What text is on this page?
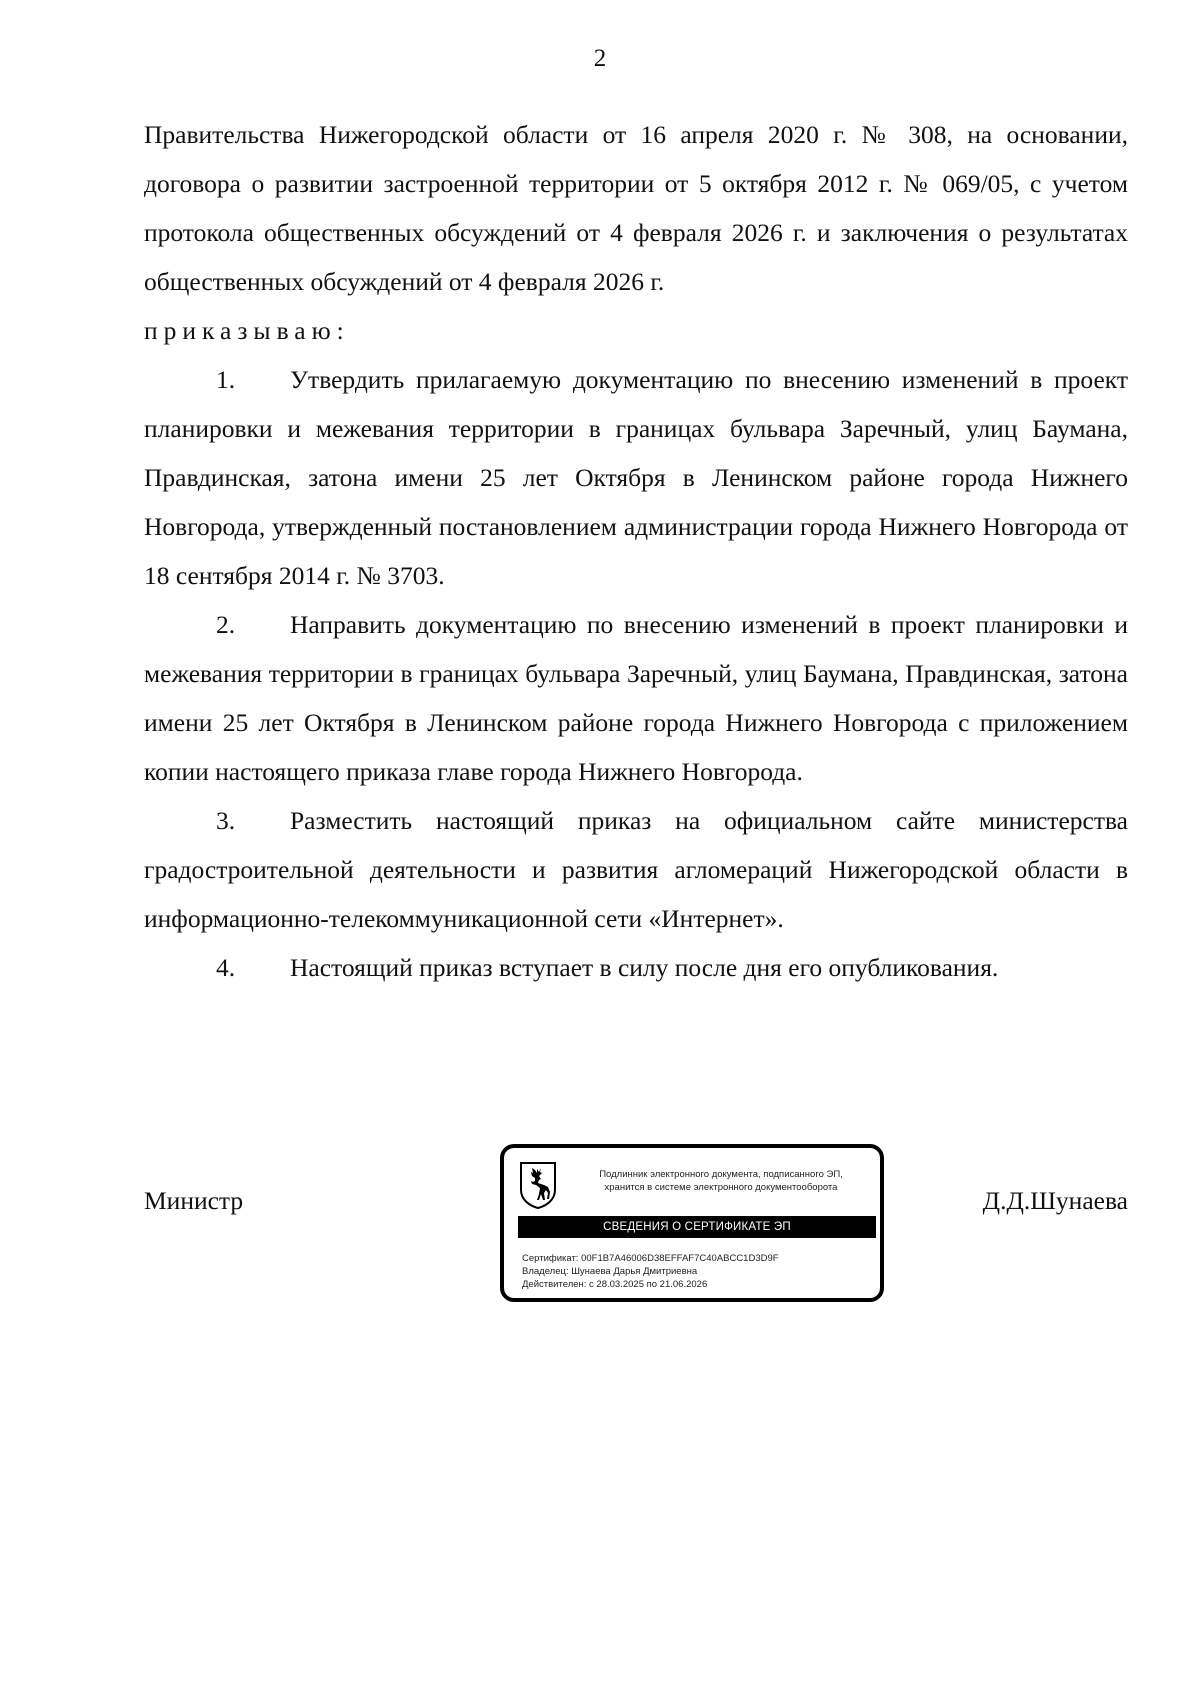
2

Правительства Нижегородской области от 16 апреля 2020 г. № 308, на основании, договора о развитии застроенной территории от 5 октября 2012 г. № 069/05, с учетом протокола общественных обсуждений от 4 февраля 2026 г. и заключения о результатах общественных обсуждений от 4 февраля 2026 г.

приказываю:

1. Утвердить прилагаемую документацию по внесению изменений в проект планировки и межевания территории в границах бульвара Заречный, улиц Баумана, Правдинская, затона имени 25 лет Октября в Ленинском районе города Нижнего Новгорода, утвержденный постановлением администрации города Нижнего Новгорода от 18 сентября 2014 г. № 3703.

2. Направить документацию по внесению изменений в проект планировки и межевания территории в границах бульвара Заречный, улиц Баумана, Правдинская, затона имени 25 лет Октября в Ленинском районе города Нижнего Новгорода с приложением копии настоящего приказа главе города Нижнего Новгорода.

3. Разместить настоящий приказ на официальном сайте министерства градостроительной деятельности и развития агломераций Нижегородской области в информационно-телекоммуникационной сети «Интернет».

4. Настоящий приказ вступает в силу после дня его опубликования.

Министр
Подлинник электронного документа, подписанного ЭП,
хранится в системе электронного документооборота
СВЕДЕНИЯ О СЕРТИФИКАТЕ ЭП
Сертификат: 00F1B7A46006D38EFFAF7C40ABCC1D3D9F
Владелец: Шунаева Дарья Дмитриевна
Действителен: с 28.03.2025 по 21.06.2026
Д.Д.Шунаева
